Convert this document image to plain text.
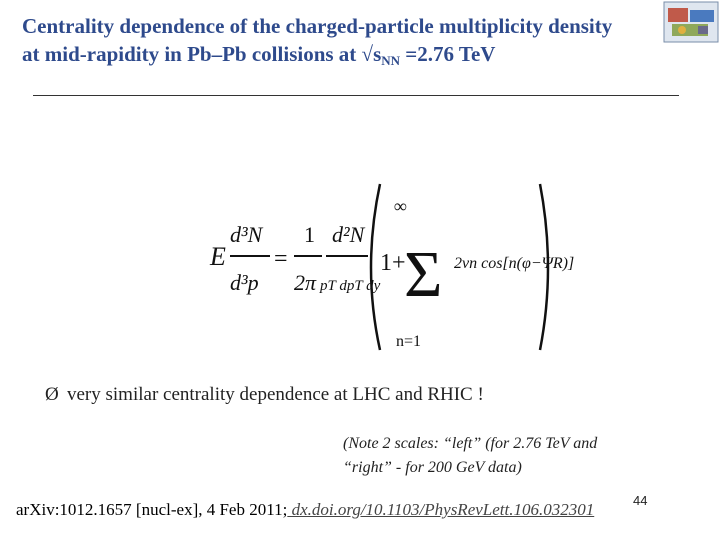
Centrality dependence of the charged-particle multiplicity density
at mid-rapidity in Pb–Pb collisions at $√s_{NN} =2.76$ TeV
E
d³N
d³p
=
1
2π
d²N
pT dpT dy
1+
∞
Σ
n=1
2vn cos[n(φ−ΨR)]
Ø very similar centrality dependence at LHC and RHIC !
(Note 2 scales: “left” (for 2.76 TeV and
“right” - for 200 GeV data)
arXiv:1012.1657 [nucl-ex], 4 Feb 2011; dx.doi.org/10.1103/PhysRevLett.106.032301	44
